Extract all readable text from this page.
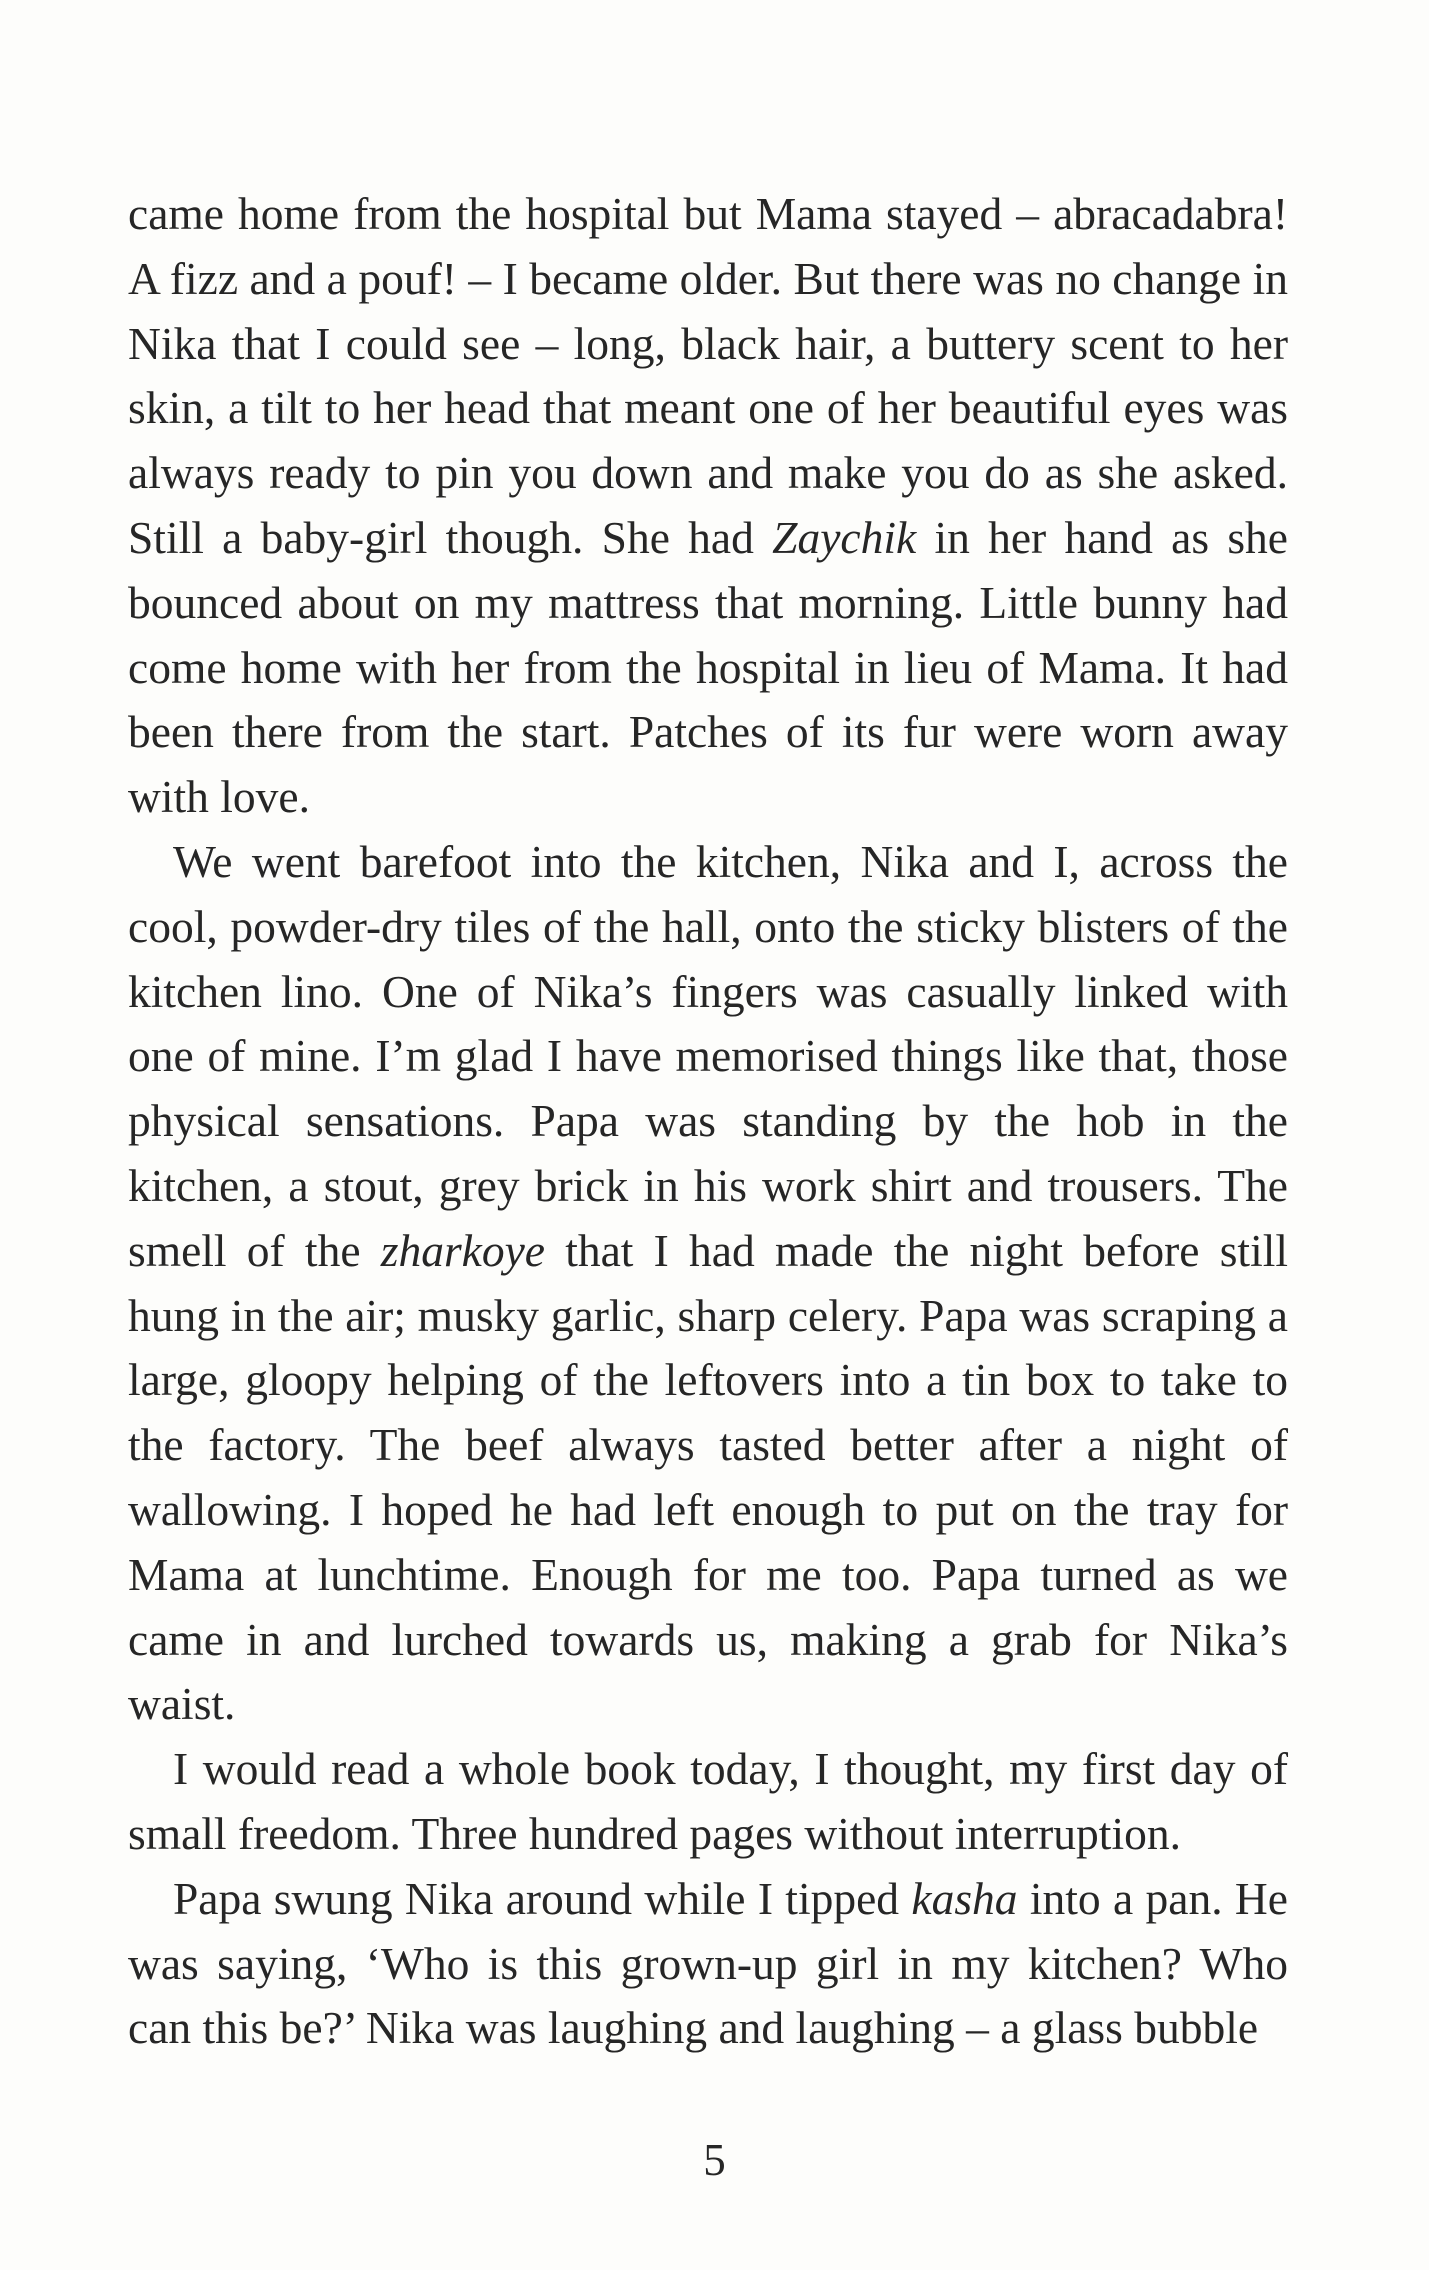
came home from the hospital but Mama stayed – abracadabra! A fizz and a pouf! – I became older. But there was no change in Nika that I could see – long, black hair, a buttery scent to her skin, a tilt to her head that meant one of her beautiful eyes was always ready to pin you down and make you do as she asked. Still a baby-girl though. She had Zaychik in her hand as she bounced about on my mattress that morning. Little bunny had come home with her from the hospital in lieu of Mama. It had been there from the start. Patches of its fur were worn away with love.

We went barefoot into the kitchen, Nika and I, across the cool, powder-dry tiles of the hall, onto the sticky blisters of the kitchen lino. One of Nika’s fingers was casually linked with one of mine. I’m glad I have memorised things like that, those physical sensations. Papa was standing by the hob in the kitchen, a stout, grey brick in his work shirt and trousers. The smell of the zharkoye that I had made the night before still hung in the air; musky garlic, sharp celery. Papa was scraping a large, gloopy helping of the leftovers into a tin box to take to the factory. The beef always tasted better after a night of wallowing. I hoped he had left enough to put on the tray for Mama at lunchtime. Enough for me too. Papa turned as we came in and lurched towards us, making a grab for Nika’s waist.

I would read a whole book today, I thought, my first day of small freedom. Three hundred pages without interruption.

Papa swung Nika around while I tipped kasha into a pan. He was saying, ‘Who is this grown-up girl in my kitchen? Who can this be?’ Nika was laughing and laughing – a glass bubble

5
